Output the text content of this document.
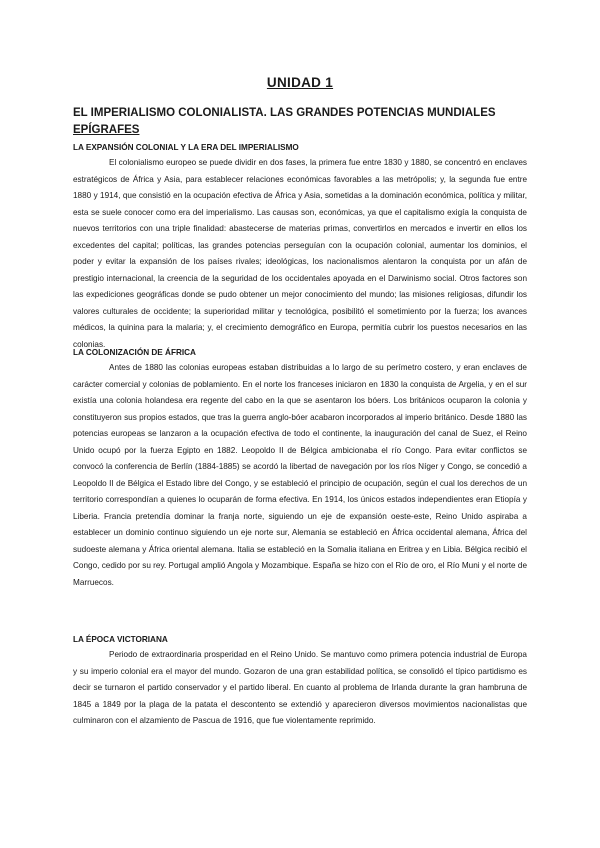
UNIDAD 1
EL IMPERIALISMO COLONIALISTA. LAS GRANDES POTENCIAS MUNDIALES
EPÍGRAFES
LA EXPANSIÓN COLONIAL Y LA ERA DEL IMPERIALISMO

El colonialismo europeo se puede dividir en dos fases, la primera fue entre 1830 y 1880, se concentró en enclaves estratégicos de África y Asia, para establecer relaciones económicas favorables a las metrópolis; y, la segunda fue entre 1880 y 1914, que consistió en la ocupación efectiva de África y Asia, sometidas a la dominación económica, política y militar, esta se suele conocer como era del imperialismo. Las causas son, económicas, ya que el capitalismo exigía la conquista de nuevos territorios con una triple finalidad: abastecerse de materias primas, convertirlos en mercados e invertir en ellos los excedentes del capital; políticas, las grandes potencias perseguían con la ocupación colonial, aumentar los dominios, el poder y evitar la expansión de los países rivales; ideológicas, los nacionalismos alentaron la conquista por un afán de prestigio internacional, la creencia de la seguridad de los occidentales apoyada en el Darwinismo social. Otros factores son las expediciones geográficas donde se pudo obtener un mejor conocimiento del mundo; las misiones religiosas, difundir los valores culturales de occidente; la superioridad militar y tecnológica, posibilitó el sometimiento por la fuerza; los avances médicos, la quinina para la malaria; y, el crecimiento demográfico en Europa, permitía cubrir los puestos necesarios en las colonias.

LA COLONIZACIÓN DE ÁFRICA

Antes de 1880 las colonias europeas estaban distribuidas a lo largo de su perímetro costero, y eran enclaves de carácter comercial y colonias de poblamiento. En el norte los franceses iniciaron en 1830 la conquista de Argelia, y en el sur existía una colonia holandesa era regente del cabo en la que se asentaron los bóers. Los británicos ocuparon la colonia y constituyeron sus propios estados, que tras la guerra anglo-bóer acabaron incorporados al imperio británico. Desde 1880 las potencias europeas se lanzaron a la ocupación efectiva de todo el continente, la inauguración del canal de Suez, el Reino Unido ocupó por la fuerza Egipto en 1882. Leopoldo II de Bélgica ambicionaba el río Congo. Para evitar conflictos se convocó la conferencia de Berlín (1884-1885) se acordó la libertad de navegación por los ríos Níger y Congo, se concedió a Leopoldo II de Bélgica el Estado libre del Congo, y se estableció el principio de ocupación, según el cual los derechos de un territorio correspondían a quienes lo ocuparán de forma efectiva. En 1914, los únicos estados independientes eran Etiopía y Liberia. Francia pretendía dominar la franja norte, siguiendo un eje de expansión oeste-este, Reino Unido aspiraba a establecer un dominio continuo siguiendo un eje norte sur, Alemania se estableció en África occidental alemana, África del sudoeste alemana y África oriental alemana. Italia se estableció en la Somalia italiana en Eritrea y en Libia. Bélgica recibió el Congo, cedido por su rey. Portugal amplió Angola y Mozambique. España se hizo con el Río de oro, el Río Muni y el norte de Marruecos.

LA ÉPOCA VICTORIANA

Periodo de extraordinaria prosperidad en el Reino Unido. Se mantuvo como primera potencia industrial de Europa y su imperio colonial era el mayor del mundo. Gozaron de una gran estabilidad política, se consolidó el típico partidismo es decir se turnaron el partido conservador y el partido liberal. En cuanto al problema de Irlanda durante la gran hambruna de 1845 a 1849 por la plaga de la patata el descontento se extendió y aparecieron diversos movimientos nacionalistas que culminaron con el alzamiento de Pascua de 1916, que fue violentamente reprimido.
